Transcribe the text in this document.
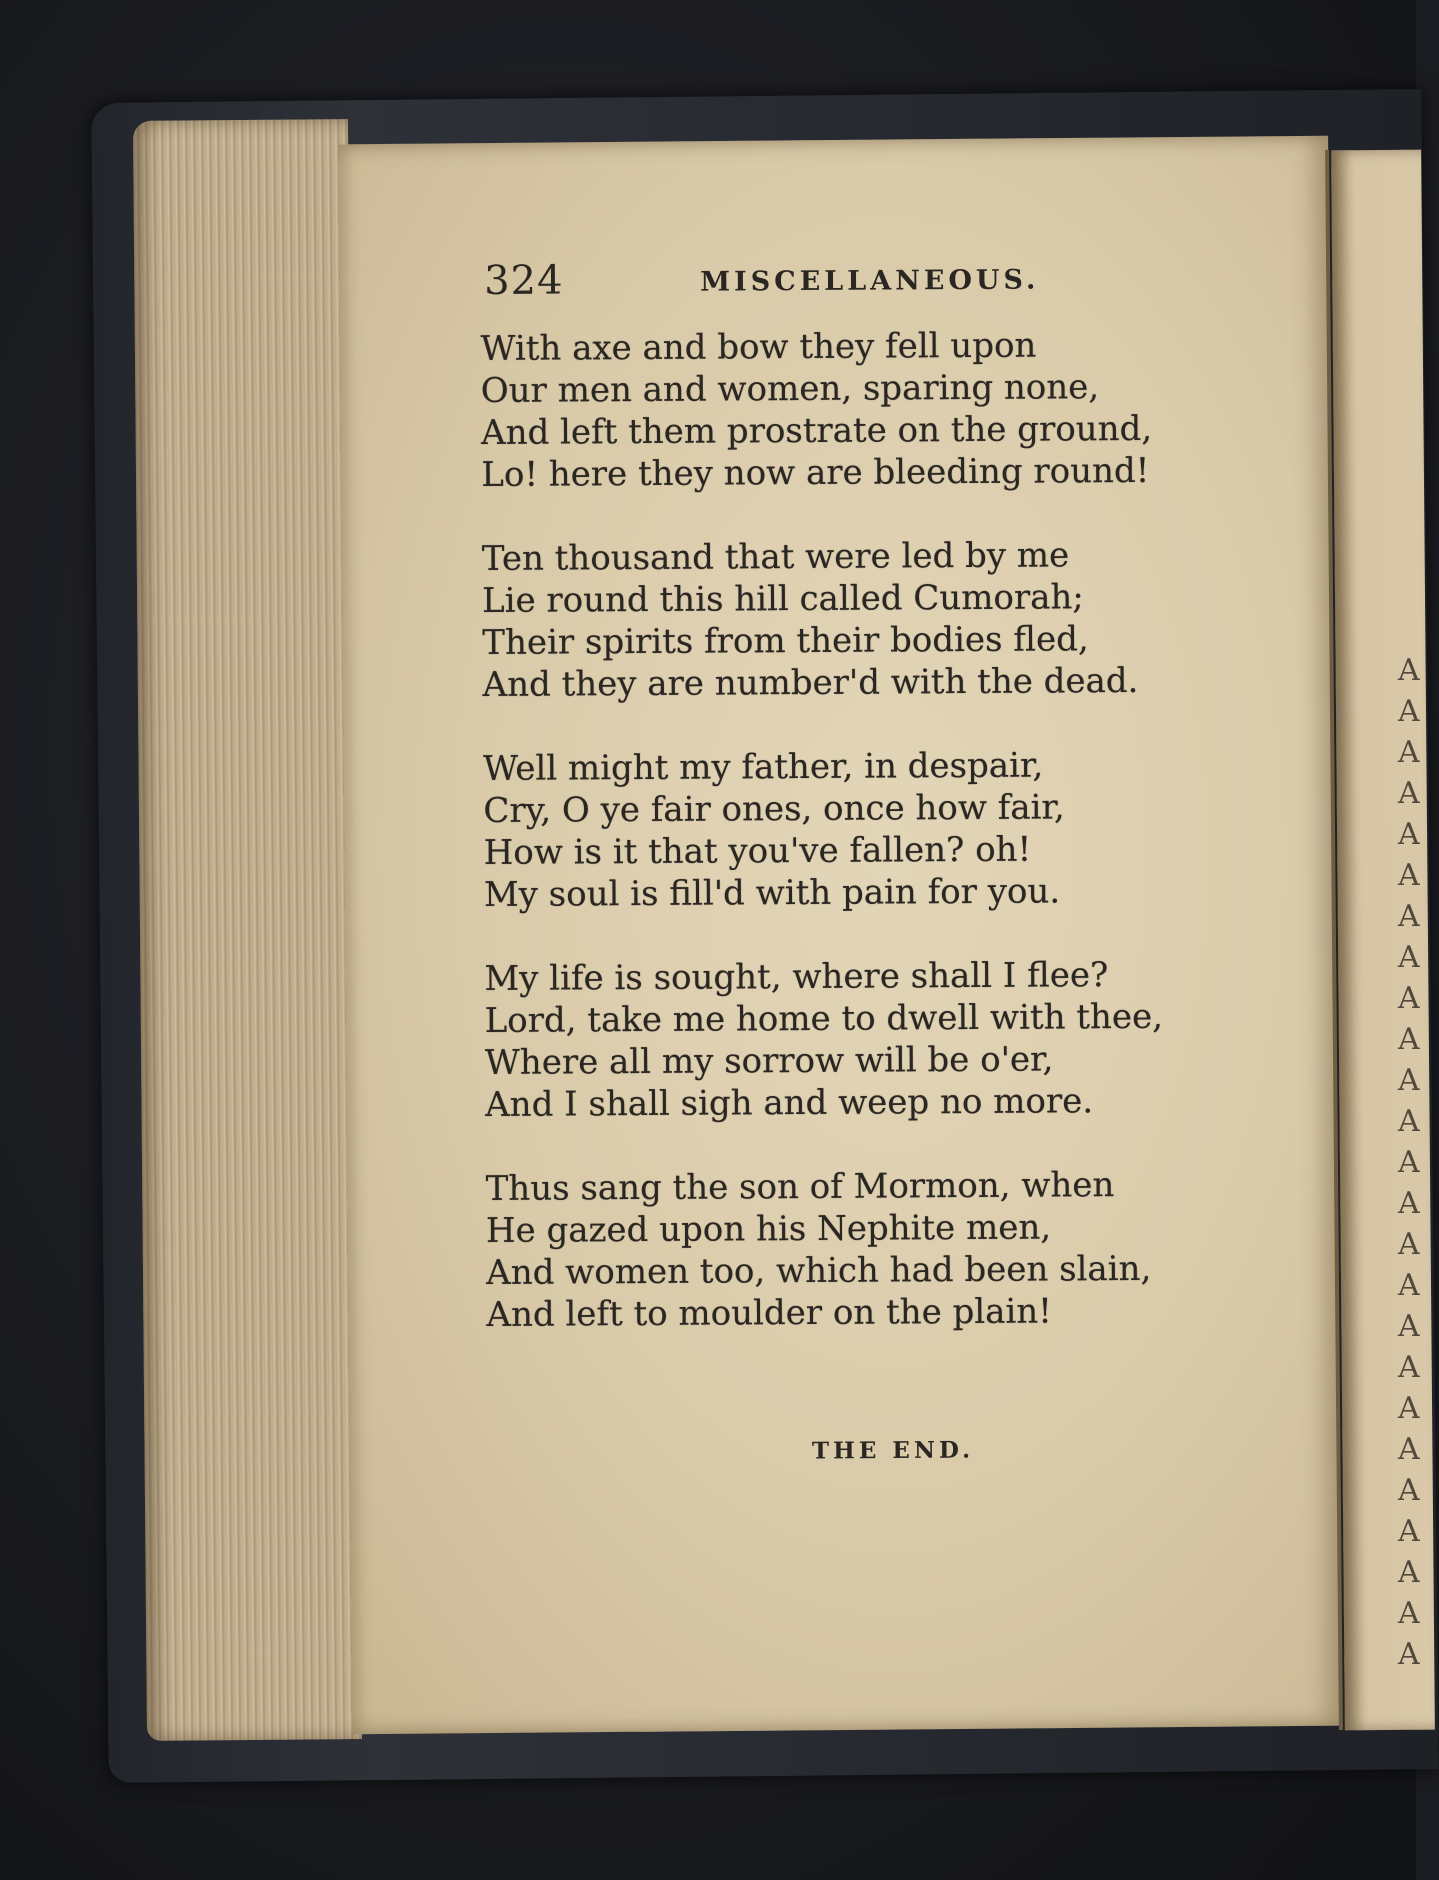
A
A
A
A
A
A
A
A
A
A
A
A
A
A
A
A
A
A
A
A
A
A
A
A
A
324	MISCELLANEOUS.
With axe and bow they fell upon
Our men and women, sparing none,
And left them prostrate on the ground,
Lo! here they now are bleeding round!
Ten thousand that were led by me
Lie round this hill called Cumorah;
Their spirits from their bodies fled,
And they are number'd with the dead.
Well might my father, in despair,
Cry, O ye fair ones, once how fair,
How is it that you've fallen? oh!
My soul is fill'd with pain for you.
My life is sought, where shall I flee?
Lord, take me home to dwell with thee,
Where all my sorrow will be o'er,
And I shall sigh and weep no more.
Thus sang the son of Mormon, when
He gazed upon his Nephite men,
And women too, which had been slain,
And left to moulder on the plain!
THE END.
